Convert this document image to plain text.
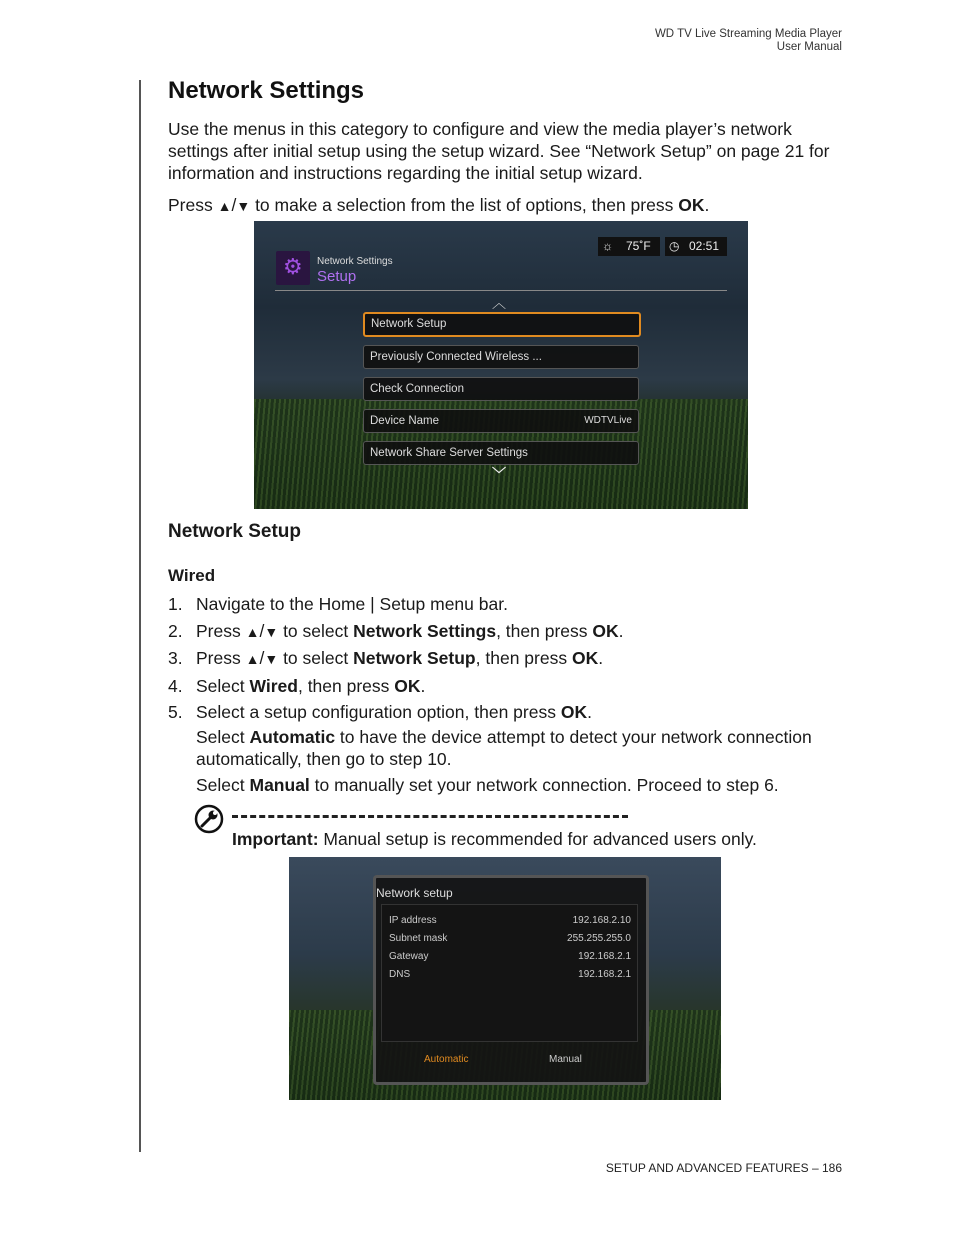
WD TV Live Streaming Media Player
User Manual
Network Settings

Use the menus in this category to configure and view the media player’s network settings after initial setup using the setup wizard. See “Network Setup” on page 21 for information and instructions regarding the initial setup wizard.

Press ▲/▼ to make a selection from the list of options, then press OK.

⚙ Network Settings
Setup
☼ 75˚F ◷ 02:51
︿
Network Setup
Previously Connected Wireless ...
Check Connection
Device Name	WDTVLive
Network Share Server Settings
﹀
Network Setup
Wired
1. Navigate to the Home | Setup menu bar.
2. Press ▲/▼ to select Network Settings, then press OK.
3. Press ▲/▼ to select Network Setup, then press OK.
4. Select Wired, then press OK.
5. Select a setup configuration option, then press OK.
Select Automatic to have the device attempt to detect your network connection automatically, then go to step 10.
Select Manual to manually set your network connection. Proceed to step 6.
Important: Manual setup is recommended for advanced users only.
Network setup
IP address	192.168.2.10
Subnet mask	255.255.255.0
Gateway	192.168.2.1
DNS	192.168.2.1
Automatic	Manual
SETUP AND ADVANCED FEATURES – 186
